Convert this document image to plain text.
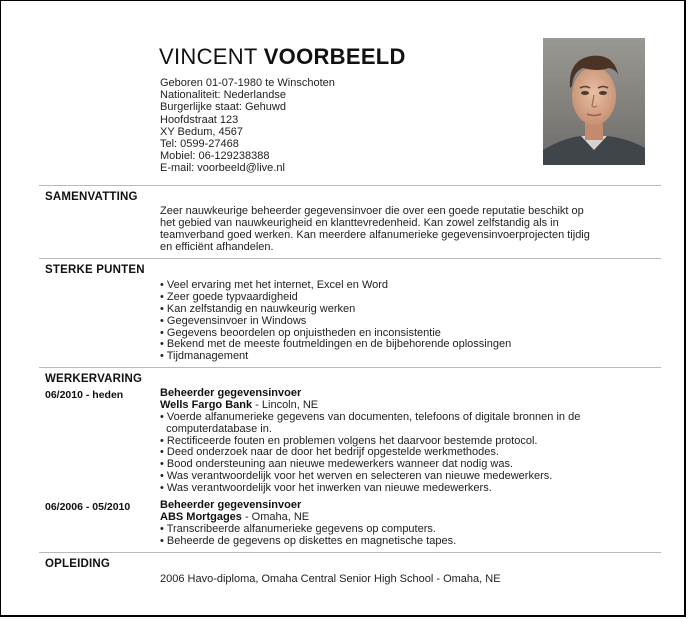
VINCENT VOORBEELD
Geboren 01-07-1980 te Winschoten
Nationaliteit: Nederlandse
Burgerlijke staat: Gehuwd
Hoofdstraat 123
XY Bedum, 4567
Tel: 0599-27468
Mobiel: 06-129238388
E-mail: voorbeeld@live.nl
SAMENVATTING
Zeer nauwkeurige beheerder gegevensinvoer die over een goede reputatie beschikt op
het gebied van nauwkeurigheid en klanttevredenheid. Kan zowel zelfstandig als in
teamverband goed werken. Kan meerdere alfanumerieke gegevensinvoerprojecten tijdig
en efficiënt afhandelen.
STERKE PUNTEN
• Veel ervaring met het internet, Excel en Word
• Zeer goede typvaardigheid
• Kan zelfstandig en nauwkeurig werken
• Gegevensinvoer in Windows
• Gegevens beoordelen op onjuistheden en inconsistentie
• Bekend met de meeste foutmeldingen en de bijbehorende oplossingen
• Tijdmanagement
WERKERVARING
06/2010 - heden	Beheerder gegevensinvoer
Wells Fargo Bank - Lincoln, NE
• Voerde alfanumerieke gegevens van documenten, telefoons of digitale bronnen in de
computerdatabase in.
• Rectificeerde fouten en problemen volgens het daarvoor bestemde protocol.
• Deed onderzoek naar de door het bedrijf opgestelde werkmethodes.
• Bood ondersteuning aan nieuwe medewerkers wanneer dat nodig was.
• Was verantwoordelijk voor het werven en selecteren van nieuwe medewerkers.
• Was verantwoordelijk voor het inwerken van nieuwe medewerkers.
06/2006 - 05/2010	Beheerder gegevensinvoer
ABS Mortgages - Omaha, NE
• Transcribeerde alfanumerieke gegevens op computers.
• Beheerde de gegevens op diskettes en magnetische tapes.
OPLEIDING
2006 Havo-diploma, Omaha Central Senior High School - Omaha, NE
